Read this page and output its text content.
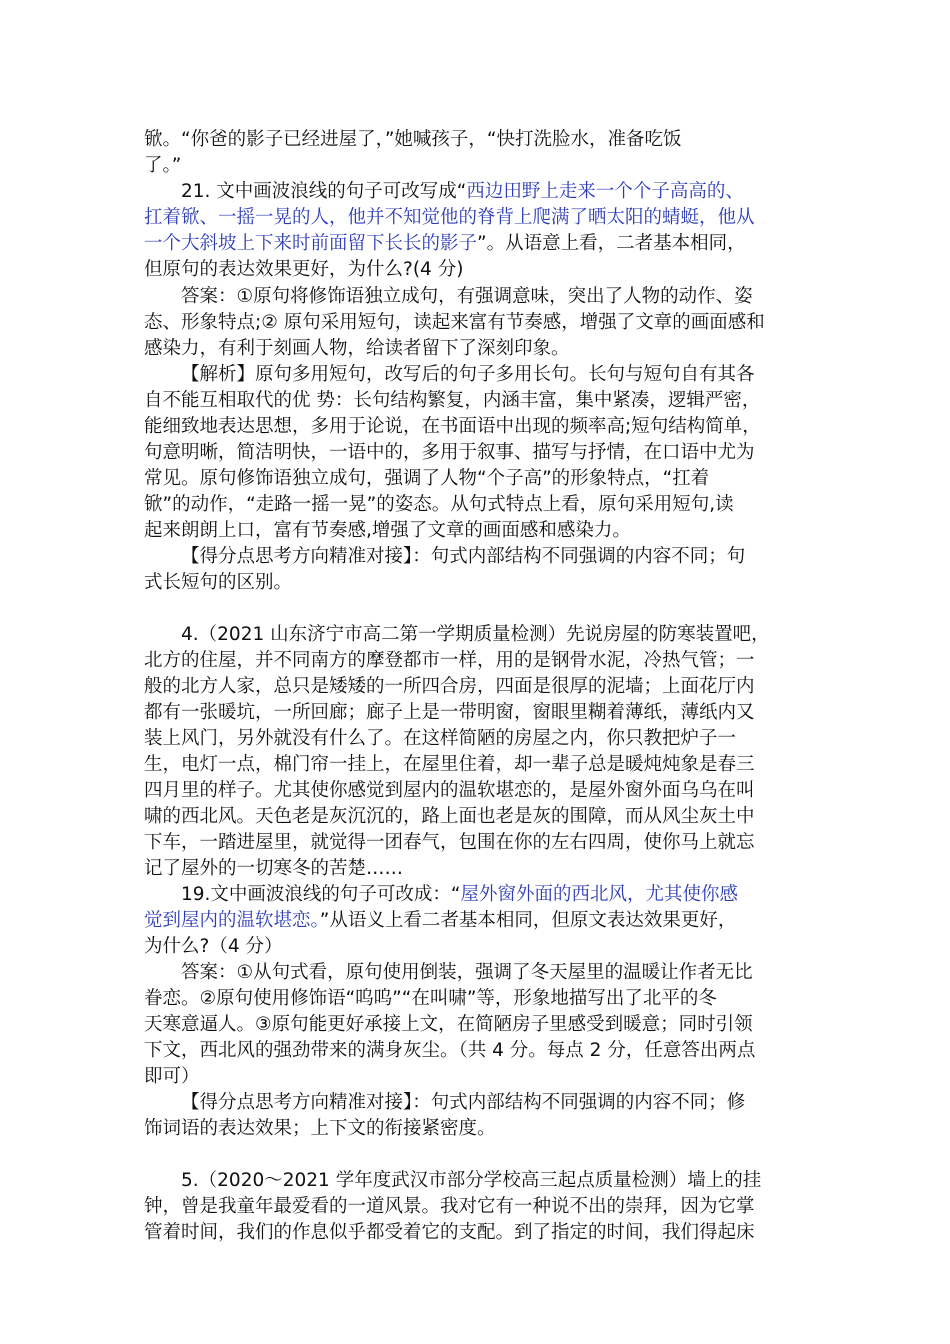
锨。“你爸的影子已经进屋了，”她喊孩子，“快打洗脸水，准备吃饭
了。”
21. 文中画波浪线的句子可改写成“西边田野上走来一个个子高高的、
扛着锨、一摇一晃的人，他并不知觉他的脊背上爬满了晒太阳的蜻蜓，他从
一个大斜坡上下来时前面留下长长的影子”。从语意上看，二者基本相同，
但原句的表达效果更好，为什么?(4 分)
答案：①原句将修饰语独立成句，有强调意味，突出了人物的动作、姿
态、形象特点;② 原句采用短句，读起来富有节奏感，增强了文章的画面感和
感染力，有利于刻画人物，给读者留下了深刻印象。
【解析】原句多用短句，改写后的句子多用长句。长句与短句自有其各
自不能互相取代的优 势：长句结构繁复，内涵丰富，集中紧凑，逻辑严密，
能细致地表达思想，多用于论说，在书面语中出现的频率高;短句结构简单，
句意明晰，简洁明快，一语中的，多用于叙事、描写与抒情，在口语中尤为
常见。原句修饰语独立成句，强调了人物“个子高”的形象特点，“扛着
锨”的动作，“走路一摇一晃”的姿态。从句式特点上看，原句采用短句,读
起来朗朗上口，富有节奏感,增强了文章的画面感和感染力。
【得分点思考方向精准对接】：句式内部结构不同强调的内容不同；句
式长短句的区别。
4.（2021 山东济宁市高二第一学期质量检测）先说房屋的防寒装置吧，
北方的住屋，并不同南方的摩登都市一样，用的是钢骨水泥，冷热气管；一
般的北方人家，总只是矮矮的一所四合房，四面是很厚的泥墙；上面花厅内
都有一张暖坑，一所回廊；廊子上是一带明窗，窗眼里糊着薄纸，薄纸内又
装上风门，另外就没有什么了。在这样简陋的房屋之内，你只教把炉子一
生，电灯一点，棉门帘一挂上，在屋里住着，却一辈子总是暖炖炖象是春三
四月里的样子。尤其使你感觉到屋内的温软堪恋的，是屋外窗外面乌乌在叫
啸的西北风。天色老是灰沉沉的，路上面也老是灰的围障，而从风尘灰土中
下车，一踏进屋里，就觉得一团春气，包围在你的左右四周，使你马上就忘
记了屋外的一切寒冬的苦楚……
19.文中画波浪线的句子可改成：“屋外窗外面的西北风，尤其使你感
觉到屋内的温软堪恋。”从语义上看二者基本相同，但原文表达效果更好，
为什么?（4 分）
答案：①从句式看，原句使用倒装，强调了冬天屋里的温暖让作者无比
眷恋。②原句使用修饰语“呜呜”“在叫啸”等，形象地描写出了北平的冬
天寒意逼人。③原句能更好承接上文，在简陋房子里感受到暖意；同时引领
下文，西北风的强劲带来的满身灰尘。（共 4 分。每点 2 分，任意答出两点
即可）
【得分点思考方向精准对接】：句式内部结构不同强调的内容不同；修
饰词语的表达效果；上下文的衔接紧密度。
5.（2020～2021 学年度武汉市部分学校高三起点质量检测）墙上的挂
钟，曾是我童年最爱看的一道风景。我对它有一种说不出的崇拜，因为它掌
管着时间，我们的作息似乎都受着它的支配。到了指定的时间，我们得起床
